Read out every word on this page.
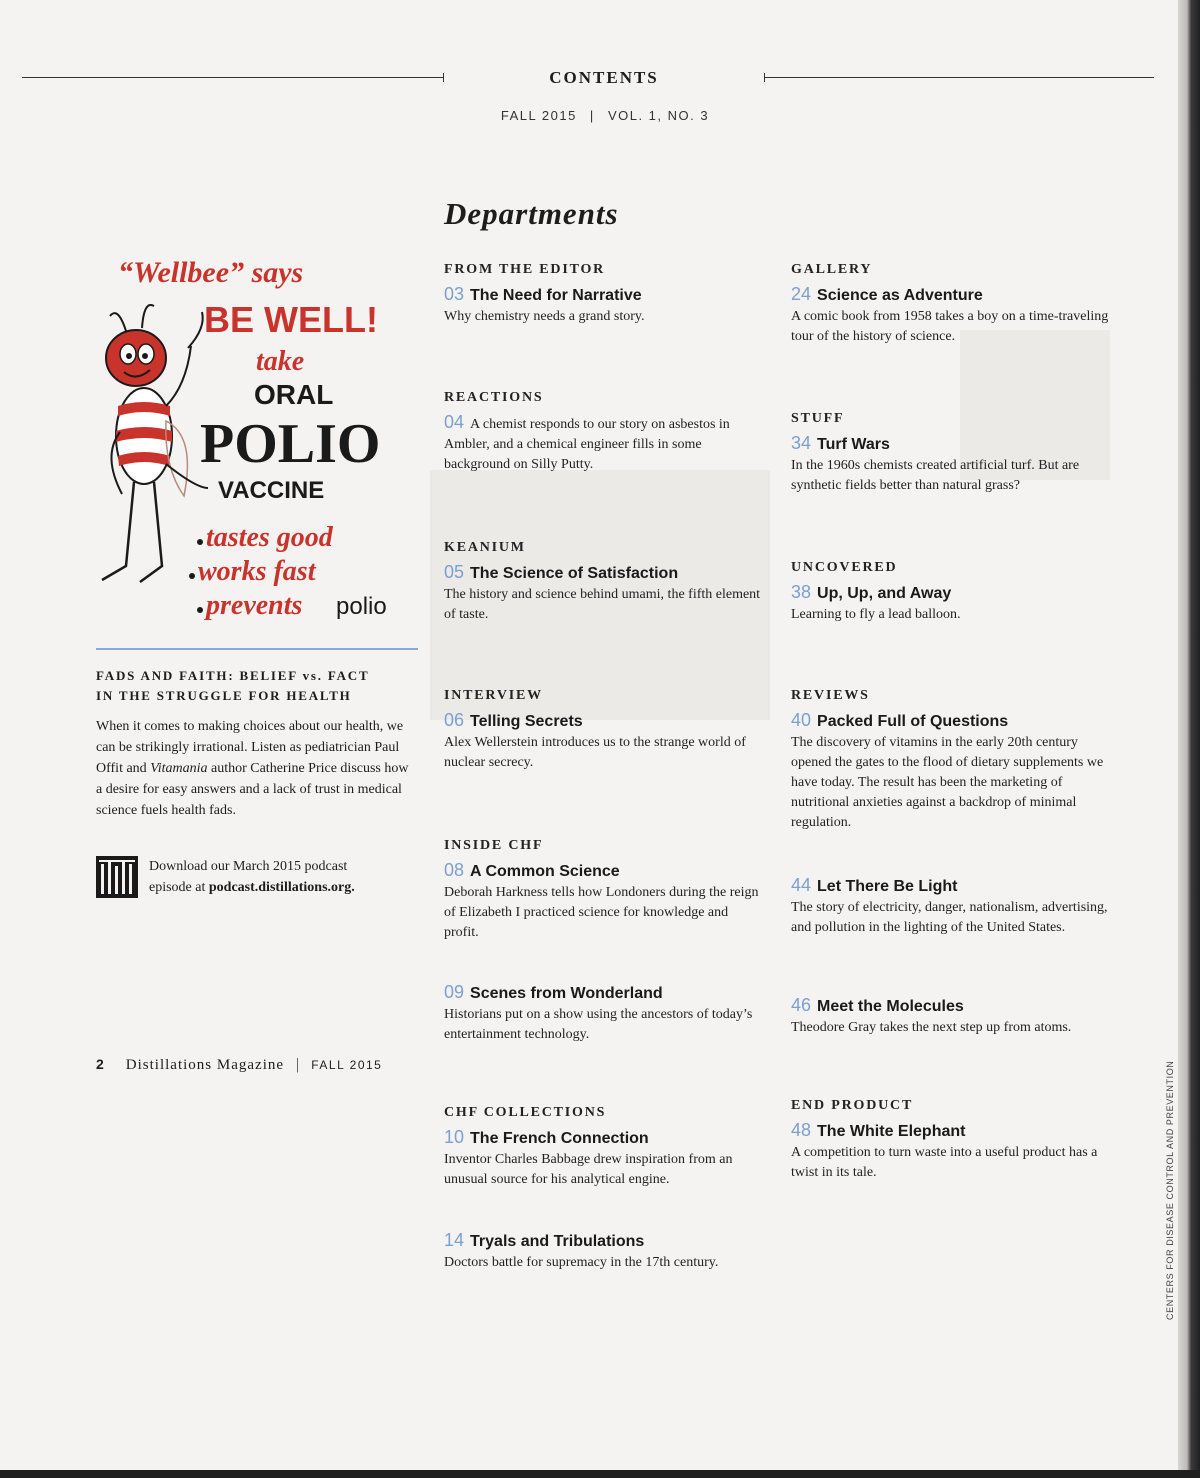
CONTENTS
FALL 2015 | VOL. 1, NO. 3
Departments
“Wellbee” says
BE WELL!
take
ORAL
POLIO
VACCINE
tastes good
works fast
prevents polio
FADS AND FAITH: BELIEF vs. FACT
IN THE STRUGGLE FOR HEALTH
When it comes to making choices about our health, we can be strikingly irrational. Listen as pediatrician Paul Offit and Vitamania author Catherine Price discuss how a desire for easy answers and a lack of trust in medical science fuels health fads.
Download our March 2015 podcast
episode at podcast.distillations.org.
FROM THE EDITOR
03 The Need for Narrative
Why chemistry needs a grand story.
REACTIONS
04 A chemist responds to our story on asbestos in Ambler, and a chemical engineer fills in some background on Silly Putty.
KEANIUM
05 The Science of Satisfaction
The history and science behind umami, the fifth element of taste.
INTERVIEW
06 Telling Secrets
Alex Wellerstein introduces us to the strange world of nuclear secrecy.
INSIDE CHF
08 A Common Science
Deborah Harkness tells how Londoners during the reign of Elizabeth I practiced science for knowledge and profit.
09 Scenes from Wonderland
Historians put on a show using the ancestors of today’s entertainment technology.
CHF COLLECTIONS
10 The French Connection
Inventor Charles Babbage drew inspiration from an unusual source for his analytical engine.
14 Tryals and Tribulations
Doctors battle for supremacy in the 17th century.
GALLERY
24 Science as Adventure
A comic book from 1958 takes a boy on a time-traveling tour of the history of science.
STUFF
34 Turf Wars
In the 1960s chemists created artificial turf. But are synthetic fields better than natural grass?
UNCOVERED
38 Up, Up, and Away
Learning to fly a lead balloon.
REVIEWS
40 Packed Full of Questions
The discovery of vitamins in the early 20th century opened the gates to the flood of dietary supplements we have today. The result has been the marketing of nutritional anxieties against a backdrop of minimal regulation.
44 Let There Be Light
The story of electricity, danger, nationalism, advertising, and pollution in the lighting of the United States.
46 Meet the Molecules
Theodore Gray takes the next step up from atoms.
END PRODUCT
48 The White Elephant
A competition to turn waste into a useful product has a twist in its tale.
2 Distillations Magazine | FALL 2015	CENTERS FOR DISEASE CONTROL AND PREVENTION
